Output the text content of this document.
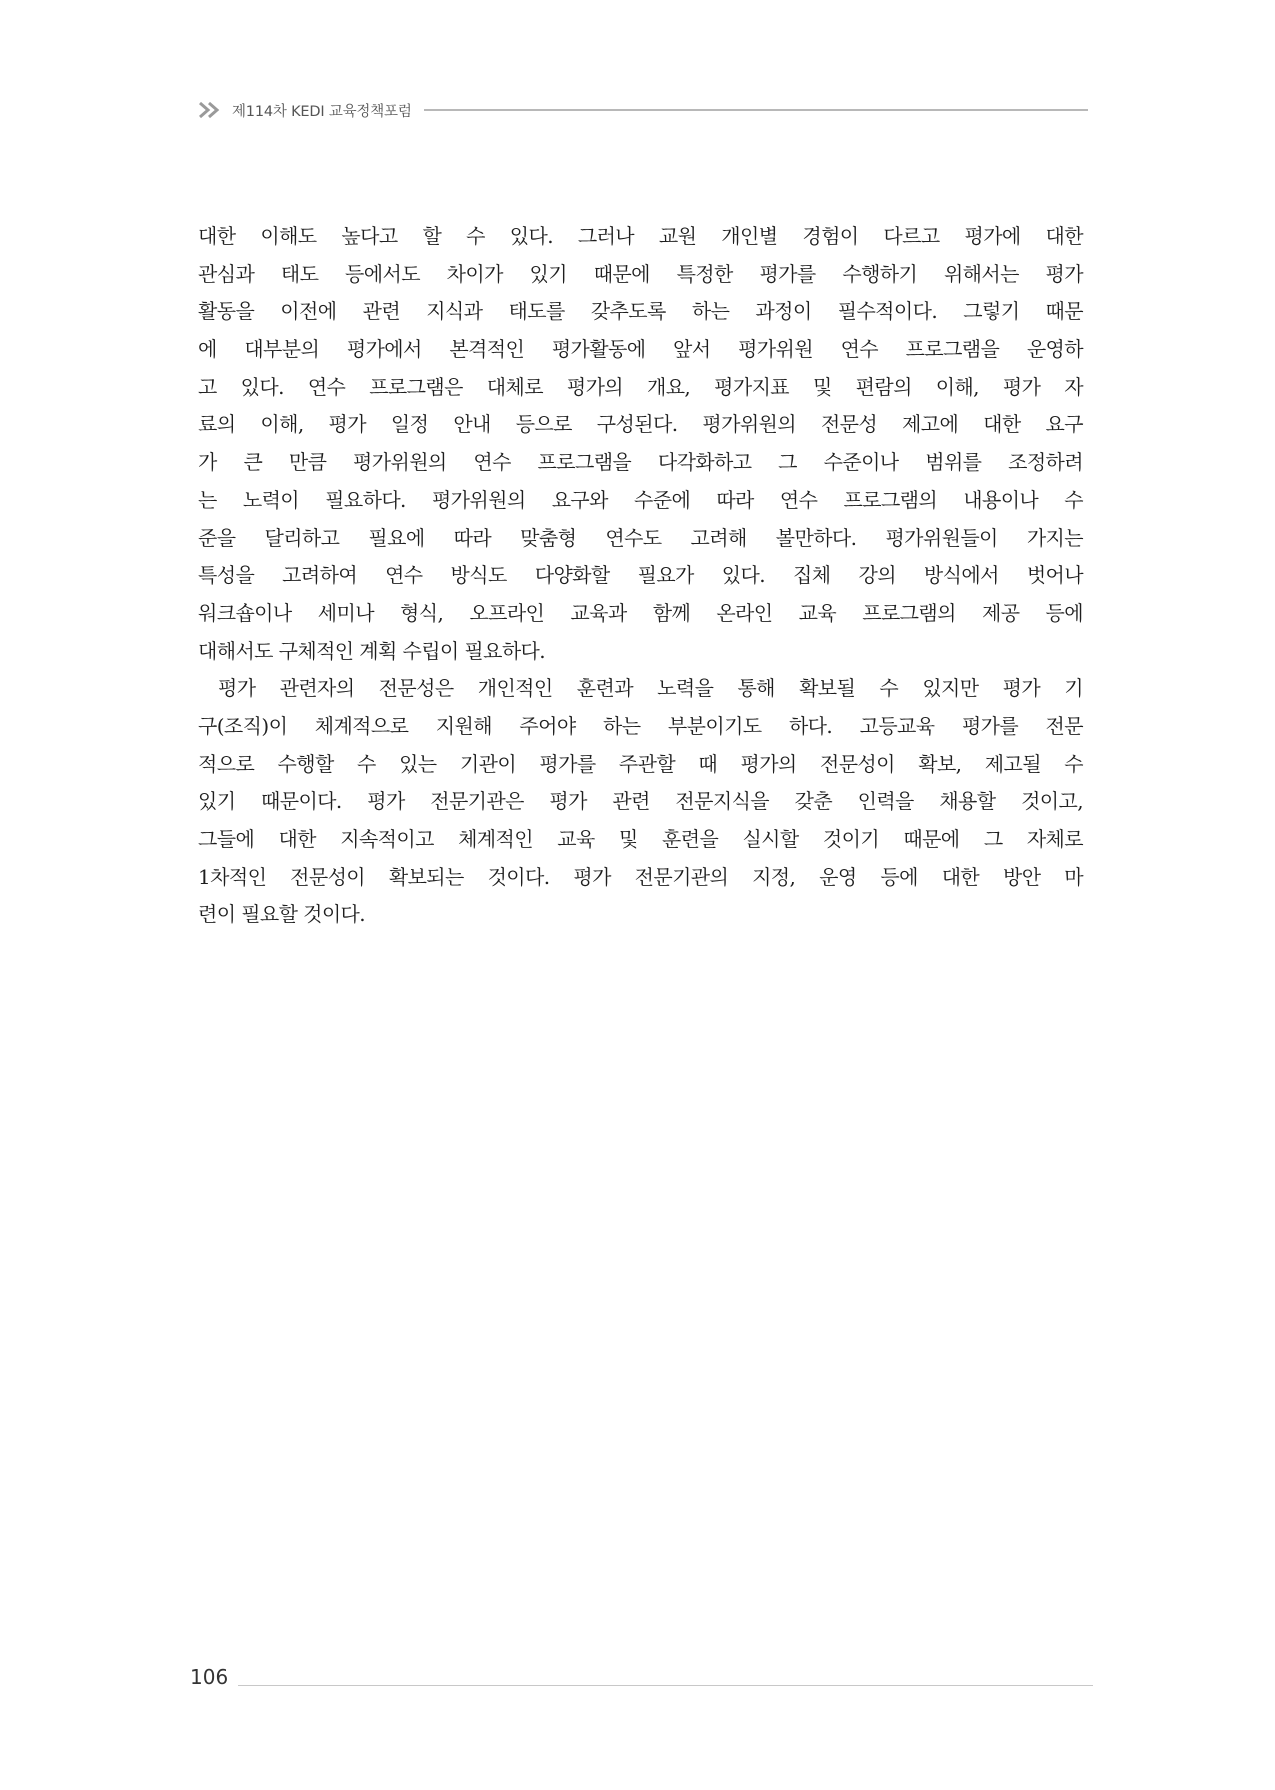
제114차 KEDI 교육정책포럼

대한 이해도 높다고 할 수 있다. 그러나 교원 개인별 경험이 다르고 평가에 대한
관심과 태도 등에서도 차이가 있기 때문에 특정한 평가를 수행하기 위해서는 평가
활동을 이전에 관련 지식과 태도를 갖추도록 하는 과정이 필수적이다. 그렇기 때문
에 대부분의 평가에서 본격적인 평가활동에 앞서 평가위원 연수 프로그램을 운영하
고 있다. 연수 프로그램은 대체로 평가의 개요, 평가지표 및 편람의 이해, 평가 자
료의 이해, 평가 일정 안내 등으로 구성된다. 평가위원의 전문성 제고에 대한 요구
가 큰 만큼 평가위원의 연수 프로그램을 다각화하고 그 수준이나 범위를 조정하려
는 노력이 필요하다. 평가위원의 요구와 수준에 따라 연수 프로그램의 내용이나 수
준을 달리하고 필요에 따라 맞춤형 연수도 고려해 볼만하다. 평가위원들이 가지는
특성을 고려하여 연수 방식도 다양화할 필요가 있다. 집체 강의 방식에서 벗어나
워크숍이나 세미나 형식, 오프라인 교육과 함께 온라인 교육 프로그램의 제공 등에
대해서도 구체적인 계획 수립이 필요하다.

평가 관련자의 전문성은 개인적인 훈련과 노력을 통해 확보될 수 있지만 평가 기
구(조직)이 체계적으로 지원해 주어야 하는 부분이기도 하다. 고등교육 평가를 전문
적으로 수행할 수 있는 기관이 평가를 주관할 때 평가의 전문성이 확보, 제고될 수
있기 때문이다. 평가 전문기관은 평가 관련 전문지식을 갖춘 인력을 채용할 것이고,
그들에 대한 지속적이고 체계적인 교육 및 훈련을 실시할 것이기 때문에 그 자체로
1차적인 전문성이 확보되는 것이다. 평가 전문기관의 지정, 운영 등에 대한 방안 마
련이 필요할 것이다.

106
